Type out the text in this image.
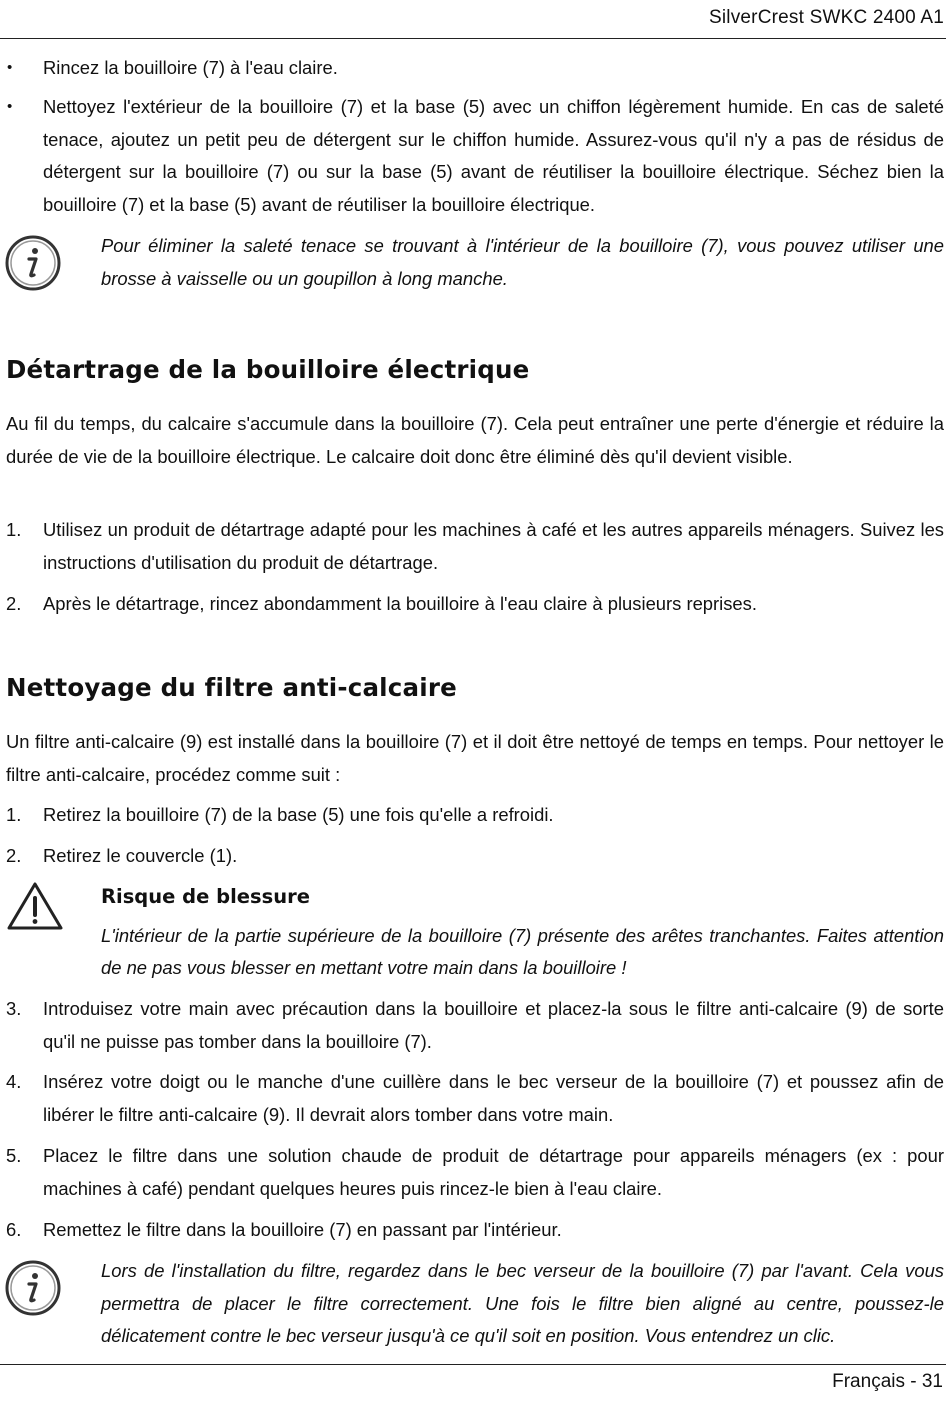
SilverCrest SWKC 2400 A1
• Rincez la bouilloire (7) à l'eau claire.
• Nettoyez l'extérieur de la bouilloire (7) et la base (5) avec un chiffon légèrement humide. En cas de saleté tenace, ajoutez un petit peu de détergent sur le chiffon humide. Assurez-vous qu'il n'y a pas de résidus de détergent sur la bouilloire (7) ou sur la base (5) avant de réutiliser la bouilloire électrique. Séchez bien la bouilloire (7) et la base (5) avant de réutiliser la bouilloire électrique.

Pour éliminer la saleté tenace se trouvant à l'intérieur de la bouilloire (7), vous pouvez utiliser une brosse à vaisselle ou un goupillon à long manche.

Détartrage de la bouilloire électrique

Au fil du temps, du calcaire s'accumule dans la bouilloire (7). Cela peut entraîner une perte d'énergie et réduire la durée de vie de la bouilloire électrique. Le calcaire doit donc être éliminé dès qu'il devient visible.

1. Utilisez un produit de détartrage adapté pour les machines à café et les autres appareils ménagers. Suivez les instructions d'utilisation du produit de détartrage.
2. Après le détartrage, rincez abondamment la bouilloire à l'eau claire à plusieurs reprises.
Nettoyage du filtre anti-calcaire

Un filtre anti-calcaire (9) est installé dans la bouilloire (7) et il doit être nettoyé de temps en temps. Pour nettoyer le filtre anti-calcaire, procédez comme suit :

1. Retirez la bouilloire (7) de la base (5) une fois qu'elle a refroidi.
2. Retirez le couvercle (1).

Risque de blessure

L'intérieur de la partie supérieure de la bouilloire (7) présente des arêtes tranchantes. Faites attention de ne pas vous blesser en mettant votre main dans la bouilloire !

3. Introduisez votre main avec précaution dans la bouilloire et placez-la sous le filtre anti-calcaire (9) de sorte qu'il ne puisse pas tomber dans la bouilloire (7).
4. Insérez votre doigt ou le manche d'une cuillère dans le bec verseur de la bouilloire (7) et poussez afin de libérer le filtre anti-calcaire (9). Il devrait alors tomber dans votre main.
5. Placez le filtre dans une solution chaude de produit de détartrage pour appareils ménagers (ex : pour machines à café) pendant quelques heures puis rincez-le bien à l'eau claire.
6. Remettez le filtre dans la bouilloire (7) en passant par l'intérieur.

Lors de l'installation du filtre, regardez dans le bec verseur de la bouilloire (7) par l'avant. Cela vous permettra de placer le filtre correctement. Une fois le filtre bien aligné au centre, poussez-le délicatement contre le bec verseur jusqu'à ce qu'il soit en position. Vous entendrez un clic.

Français - 31
